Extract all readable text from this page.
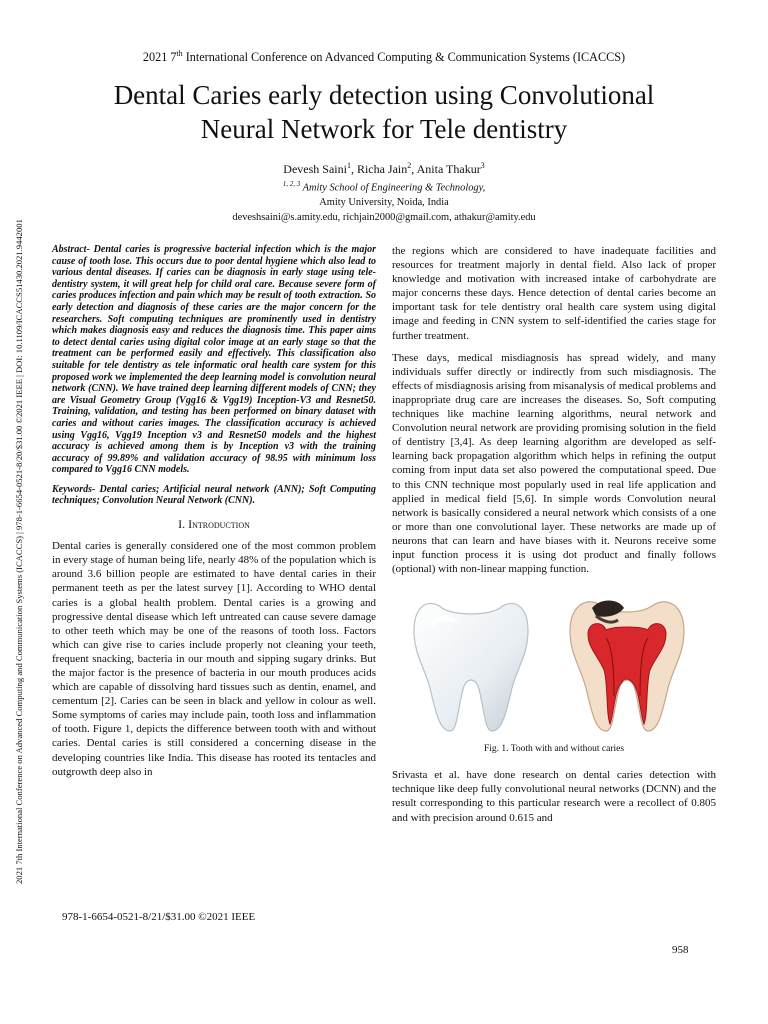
2021 7th International Conference on Advanced Computing & Communication Systems (ICACCS)
Dental Caries early detection using Convolutional
Neural Network for Tele dentistry
Devesh Saini$^1$, Richa Jain$^2$, Anita Thakur$^3$
$^{1, 2, 3}$ Amity School of Engineering & Technology,
Amity University, Noida, India
deveshsaini@s.amity.edu, richjain2000@gmail.com, athakur@amity.edu
2021 7th International Conference on Advanced Computing and Communication Systems (ICACCS) | 978-1-6654-0521-8/20/$31.00 ©2021 IEEE | DOI: 10.1109/ICACCS51430.2021.9442001	Abstract- Dental caries is progressive bacterial infection which is the major cause of tooth lose. This occurs due to poor dental hygiene which also lead to various dental diseases. If caries can be diagnosis in early stage using tele-dentistry system, it will great help for child oral care. Because severe form of caries produces infection and pain which may be result of tooth extraction. So early detection and diagnosis of these caries are the major concern for the researchers. Soft computing techniques are prominently used in dentistry which makes diagnosis easy and reduces the diagnosis time. This paper aims to detect dental caries using digital color image at an early stage so that the treatment can be performed easily and effectively. This classification also suitable for tele dentistry as tele informatic oral health care system for this proposed work we implemented the deep learning model is convolution neural network (CNN). We have trained deep learning different models of CNN; they are Visual Geometry Group (Vgg16 & Vgg19) Inception-V3 and Resnet50. Training, validation, and testing has been performed on binary dataset with caries and without caries images. The classification accuracy is achieved using Vgg16, Vgg19 Inception v3 and Resnet50 models and the highest accuracy is achieved among them is by Inception v3 with the training accuracy of 99.89% and validation accuracy of 98.95 with minimum loss compared to Vgg16 CNN models.

Keywords- Dental caries; Artificial neural network (ANN); Soft Computing techniques; Convolution Neural Network (CNN).

I. Introduction

Dental caries is generally considered one of the most common problem in every stage of human being life, nearly 48% of the population which is around 3.6 billion people are estimated to have dental caries in their permanent teeth as per the latest survey [1]. According to WHO dental caries is a global health problem. Dental caries is a growing and progressive dental disease which left untreated can cause severe damage to other teeth which may be one of the reasons of tooth loss. Factors which can give rise to caries include properly not cleaning your teeth, frequent snacking, bacteria in our mouth and sipping sugary drinks. But the major factor is the presence of bacteria in our mouth produces acids which are capable of dissolving hard tissues such as dentin, enamel, and cementum [2]. Caries can be seen in black and yellow in colour as well. Some symptoms of caries may include pain, tooth loss and inflammation of tooth. Figure 1, depicts the difference between tooth with and without caries. Dental caries is still considered a concerning disease in the developing countries like India. This disease has rooted its tentacles and outgrowth deep also in

the regions which are considered to have inadequate facilities and resources for treatment majorly in dental field. Also lack of proper knowledge and motivation with increased intake of carbohydrate are major concerns these days. Hence detection of dental caries become an important task for tele dentistry oral health care system using digital image and feeding in CNN system to self-identified the caries stage for further treatment.

These days, medical misdiagnosis has spread widely, and many individuals suffer directly or indirectly from such misdiagnosis. The effects of misdiagnosis arising from misanalysis of medical problems and inappropriate drug care are increases the diseases. So, Soft computing techniques like machine learning algorithms, neural network and Convolution neural network are providing promising solution in the field of dentistry [3,4]. As deep learning algorithm are developed as self-learning back propagation algorithm which helps in refining the output coming from input data set also powered the computational speed. Due to this CNN technique most popularly used in real life application and applied in medical field [5,6]. In simple words Convolution neural network is basically considered a neural network which consists of a one or more than one convolutional layer. These networks are made up of neurons that can learn and have biases with it. Neurons receive some input function process it is using dot product and finally follows (optional) with non-linear mapping function.

Fig. 1. Tooth with and without caries

Srivasta et al. have done research on dental caries detection with technique like deep fully convolutional neural networks (DCNN) and the result corresponding to this particular research were a recollect of 0.805 and with precision around 0.615 and

978-1-6654-0521-8/21/$31.00 ©2021 IEEE
958
